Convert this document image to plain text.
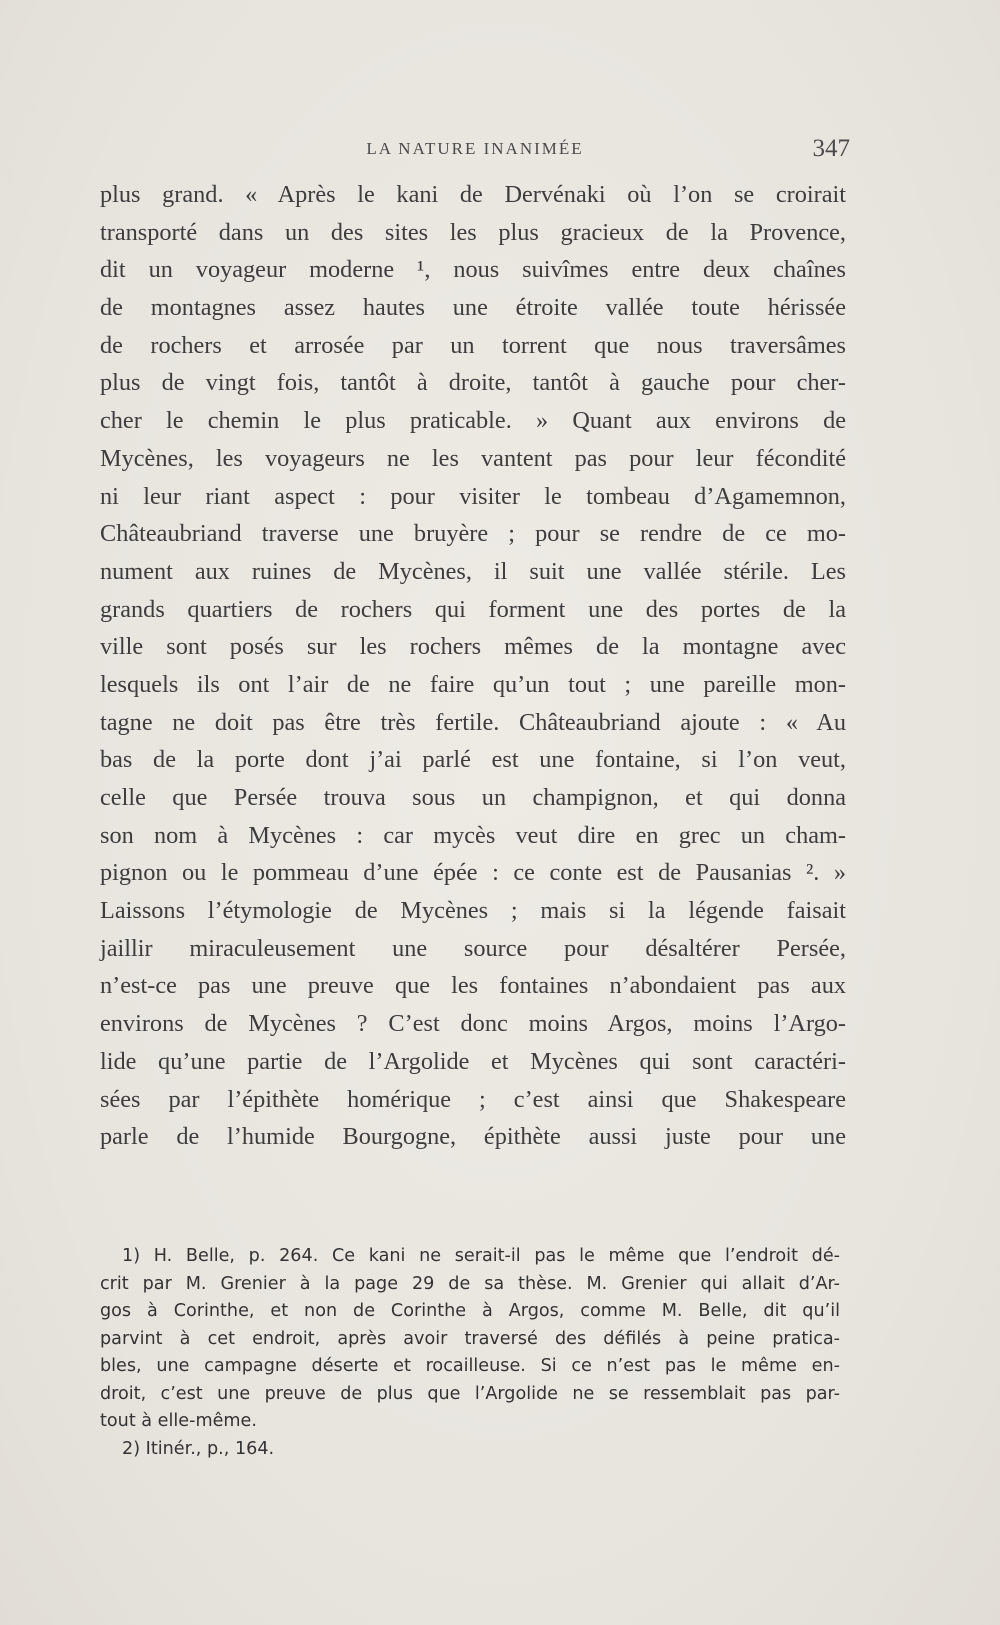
LA NATURE INANIMÉE	347
plus grand. « Après le kani de Dervénaki où l’on se croirait
transporté dans un des sites les plus gracieux de la Provence,
dit un voyageur moderne ¹, nous suivîmes entre deux chaînes
de montagnes assez hautes une étroite vallée toute hérissée
de rochers et arrosée par un torrent que nous traversâmes
plus de vingt fois, tantôt à droite, tantôt à gauche pour cher-
cher le chemin le plus praticable. » Quant aux environs de
Mycènes, les voyageurs ne les vantent pas pour leur fécondité
ni leur riant aspect : pour visiter le tombeau d’Agamemnon,
Châteaubriand traverse une bruyère ; pour se rendre de ce mo-
nument aux ruines de Mycènes, il suit une vallée stérile. Les
grands quartiers de rochers qui forment une des portes de la
ville sont posés sur les rochers mêmes de la montagne avec
lesquels ils ont l’air de ne faire qu’un tout ; une pareille mon-
tagne ne doit pas être très fertile. Châteaubriand ajoute : « Au
bas de la porte dont j’ai parlé est une fontaine, si l’on veut,
celle que Persée trouva sous un champignon, et qui donna
son nom à Mycènes : car mycès veut dire en grec un cham-
pignon ou le pommeau d’une épée : ce conte est de Pausanias ². »
Laissons l’étymologie de Mycènes ; mais si la légende faisait
jaillir miraculeusement une source pour désaltérer Persée,
n’est-ce pas une preuve que les fontaines n’abondaient pas aux
environs de Mycènes ? C’est donc moins Argos, moins l’Argo-
lide qu’une partie de l’Argolide et Mycènes qui sont caractéri-
sées par l’épithète homérique ; c’est ainsi que Shakespeare
parle de l’humide Bourgogne, épithète aussi juste pour une
1) H. Belle, p. 264. Ce kani ne serait-il pas le même que l’endroit dé-
crit par M. Grenier à la page 29 de sa thèse. M. Grenier qui allait d’Ar-
gos à Corinthe, et non de Corinthe à Argos, comme M. Belle, dit qu’il
parvint à cet endroit, après avoir traversé des défilés à peine pratica-
bles, une campagne déserte et rocailleuse. Si ce n’est pas le même en-
droit, c’est une preuve de plus que l’Argolide ne se ressemblait pas par-
tout à elle-même.
2) Itinér., p., 164.
